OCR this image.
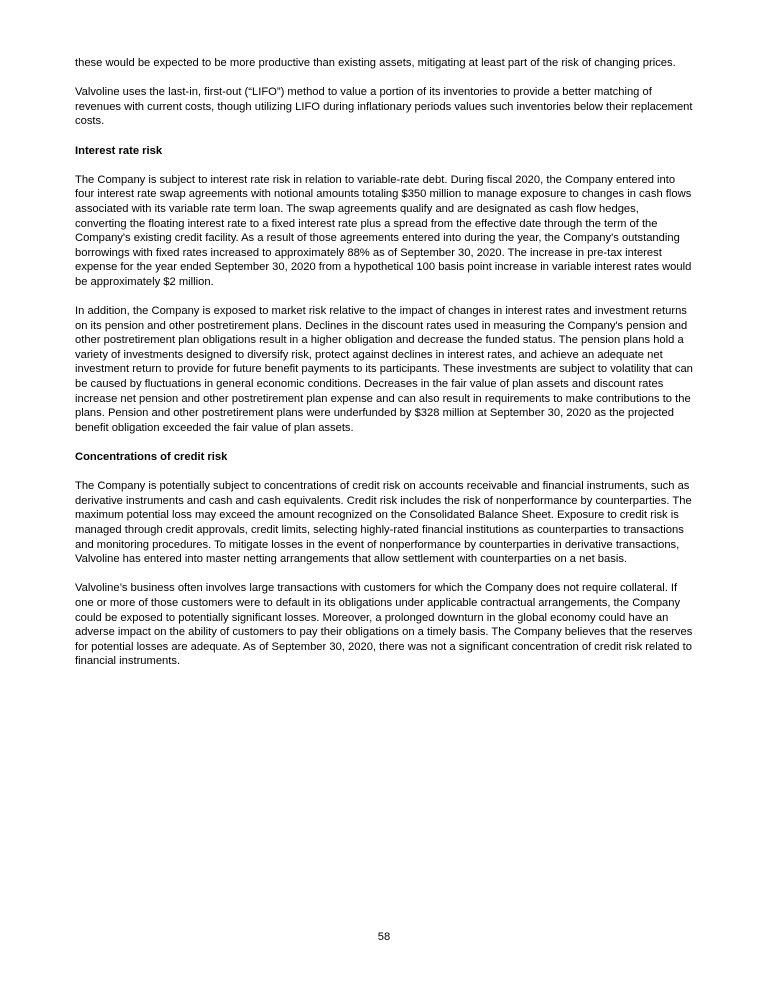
these would be expected to be more productive than existing assets, mitigating at least part of the risk of changing prices.
Valvoline uses the last-in, first-out (“LIFO”) method to value a portion of its inventories to provide a better matching of revenues with current costs, though utilizing LIFO during inflationary periods values such inventories below their replacement costs.
Interest rate risk
The Company is subject to interest rate risk in relation to variable-rate debt. During fiscal 2020, the Company entered into four interest rate swap agreements with notional amounts totaling $350 million to manage exposure to changes in cash flows associated with its variable rate term loan. The swap agreements qualify and are designated as cash flow hedges, converting the floating interest rate to a fixed interest rate plus a spread from the effective date through the term of the Company's existing credit facility. As a result of those agreements entered into during the year, the Company's outstanding borrowings with fixed rates increased to approximately 88% as of September 30, 2020. The increase in pre-tax interest expense for the year ended September 30, 2020 from a hypothetical 100 basis point increase in variable interest rates would be approximately $2 million.
In addition, the Company is exposed to market risk relative to the impact of changes in interest rates and investment returns on its pension and other postretirement plans. Declines in the discount rates used in measuring the Company's pension and other postretirement plan obligations result in a higher obligation and decrease the funded status. The pension plans hold a variety of investments designed to diversify risk, protect against declines in interest rates, and achieve an adequate net investment return to provide for future benefit payments to its participants. These investments are subject to volatility that can be caused by fluctuations in general economic conditions. Decreases in the fair value of plan assets and discount rates increase net pension and other postretirement plan expense and can also result in requirements to make contributions to the plans. Pension and other postretirement plans were underfunded by $328 million at September 30, 2020 as the projected benefit obligation exceeded the fair value of plan assets.
Concentrations of credit risk
The Company is potentially subject to concentrations of credit risk on accounts receivable and financial instruments, such as derivative instruments and cash and cash equivalents. Credit risk includes the risk of nonperformance by counterparties. The maximum potential loss may exceed the amount recognized on the Consolidated Balance Sheet. Exposure to credit risk is managed through credit approvals, credit limits, selecting highly-rated financial institutions as counterparties to transactions and monitoring procedures. To mitigate losses in the event of nonperformance by counterparties in derivative transactions, Valvoline has entered into master netting arrangements that allow settlement with counterparties on a net basis.
Valvoline’s business often involves large transactions with customers for which the Company does not require collateral. If one or more of those customers were to default in its obligations under applicable contractual arrangements, the Company could be exposed to potentially significant losses. Moreover, a prolonged downturn in the global economy could have an adverse impact on the ability of customers to pay their obligations on a timely basis. The Company believes that the reserves for potential losses are adequate. As of September 30, 2020, there was not a significant concentration of credit risk related to financial instruments.
58
